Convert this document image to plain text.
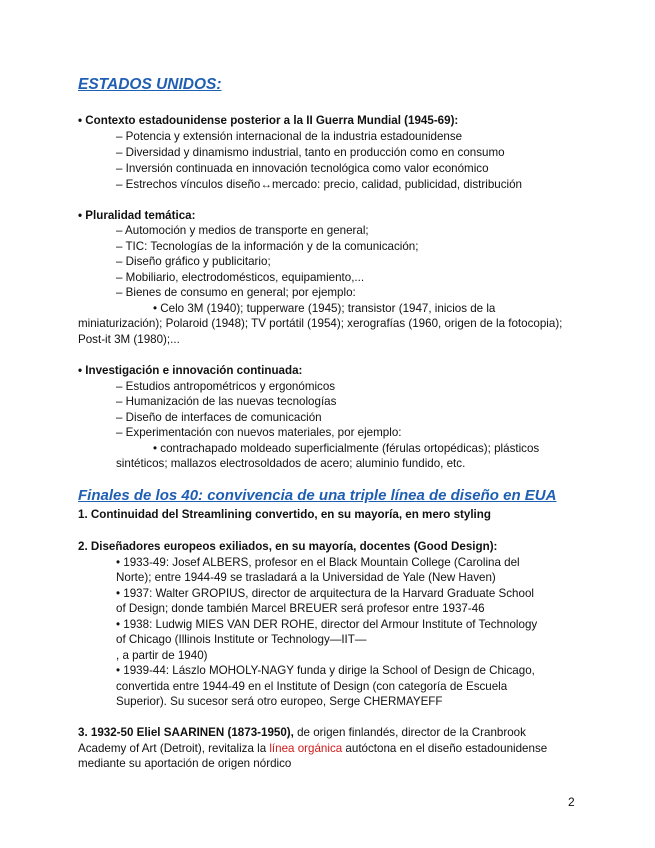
ESTADOS UNIDOS:
• Contexto estadounidense posterior a la II Guerra Mundial (1945-69):
– Potencia y extensión internacional de la industria estadounidense
– Diversidad y dinamismo industrial, tanto en producción como en consumo
– Inversión continuada en innovación tecnológica como valor económico
– Estrechos vínculos diseño↔mercado: precio, calidad, publicidad, distribución
• Pluralidad temática:
– Automoción y medios de transporte en general;
– TIC: Tecnologías de la información y de la comunicación;
– Diseño gráfico y publicitario;
– Mobiliario, electrodomésticos, equipamiento,...
– Bienes de consumo en general; por ejemplo:
• Celo 3M (1940); tupperware (1945); transistor (1947, inicios de la
miniaturización); Polaroid (1948); TV portátil (1954); xerografías (1960, origen de la fotocopia);
Post-it 3M (1980);...
• Investigación e innovación continuada:
– Estudios antropométricos y ergonómicos
– Humanización de las nuevas tecnologías
– Diseño de interfaces de comunicación
– Experimentación con nuevos materiales, por ejemplo:
• contrachapado moldeado superficialmente (férulas ortopédicas); plásticos
sintéticos; mallazos electrosoldados de acero; aluminio fundido, etc.
Finales de los 40: convivencia de una triple línea de diseño en EUA
1. Continuidad del Streamlining convertido, en su mayoría, en mero styling
2. Diseñadores europeos exiliados, en su mayoría, docentes (Good Design):
• 1933-49: Josef ALBERS, profesor en el Black Mountain College (Carolina del
Norte); entre 1944-49 se trasladará a la Universidad de Yale (New Haven)
• 1937: Walter GROPIUS, director de arquitectura de la Harvard Graduate School
of Design; donde también Marcel BREUER será profesor entre 1937-46
• 1938: Ludwig MIES VAN DER ROHE, director del Armour Institute of Technology
of Chicago (Illinois Institute or Technology—IIT—
, a partir de 1940)
• 1939-44: Lászlo MOHOLY-NAGY funda y dirige la School of Design de Chicago,
convertida entre 1944-49 en el Institute of Design (con categoría de Escuela
Superior). Su sucesor será otro europeo, Serge CHERMAYEFF
3. 1932-50 Eliel SAARINEN (1873-1950), de origen finlandés, director de la Cranbrook
Academy of Art (Detroit), revitaliza la línea orgánica autóctona en el diseño estadounidense
mediante su aportación de origen nórdico
2
